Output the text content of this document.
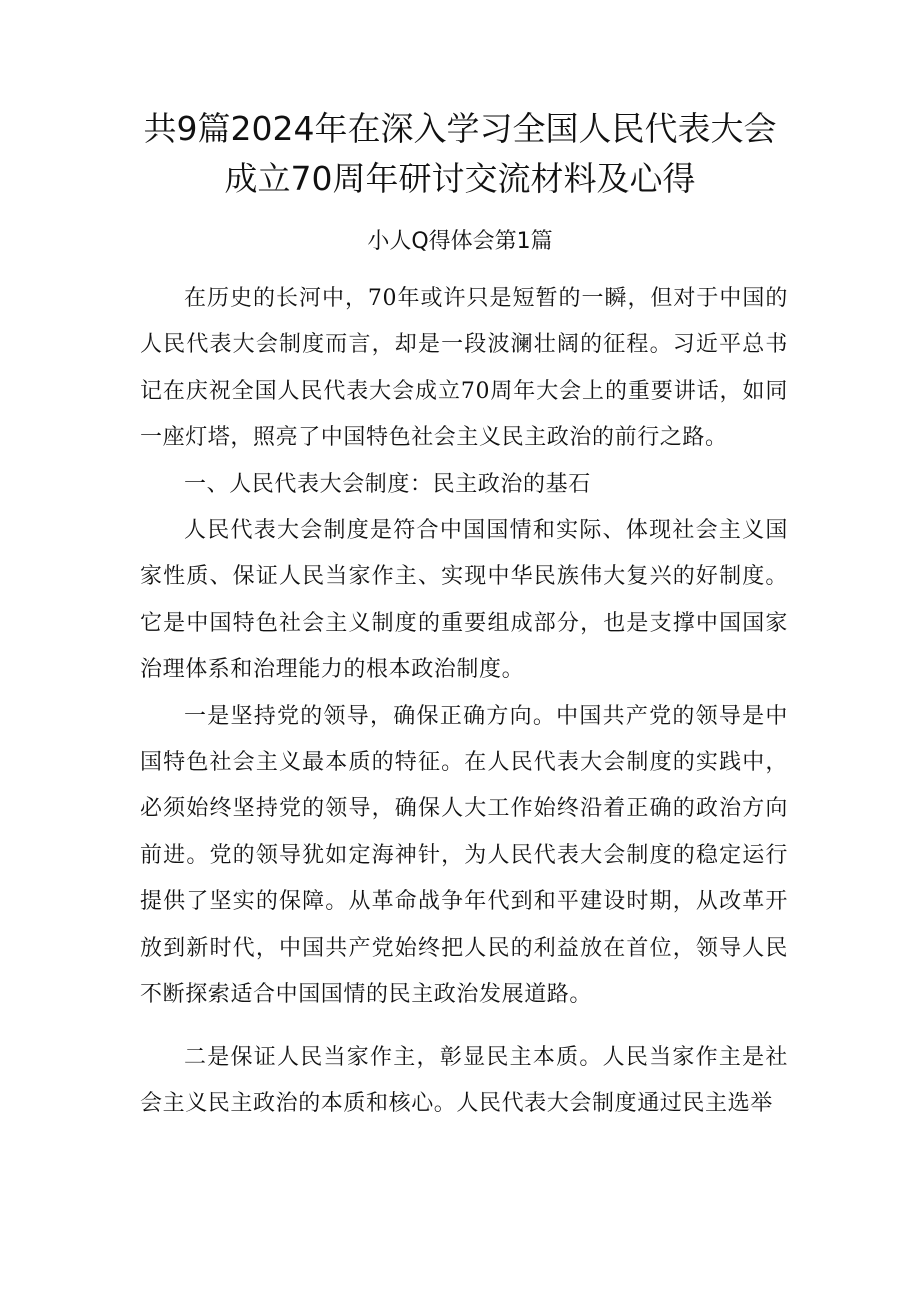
共9篇2024年在深入学习全国人民代表大会成立70周年研讨交流材料及心得
小人Q得体会第1篇

在历史的长河中，70年或许只是短暂的一瞬，但对于中国的人民代表大会制度而言，却是一段波澜壮阔的征程。习近平总书记在庆祝全国人民代表大会成立70周年大会上的重要讲话，如同一座灯塔，照亮了中国特色社会主义民主政治的前行之路。

一、人民代表大会制度：民主政治的基石

人民代表大会制度是符合中国国情和实际、体现社会主义国家性质、保证人民当家作主、实现中华民族伟大复兴的好制度。它是中国特色社会主义制度的重要组成部分，也是支撑中国国家治理体系和治理能力的根本政治制度。

一是坚持党的领导，确保正确方向。中国共产党的领导是中国特色社会主义最本质的特征。在人民代表大会制度的实践中，必须始终坚持党的领导，确保人大工作始终沿着正确的政治方向前进。党的领导犹如定海神针，为人民代表大会制度的稳定运行提供了坚实的保障。从革命战争年代到和平建设时期，从改革开放到新时代，中国共产党始终把人民的利益放在首位，领导人民不断探索适合中国国情的民主政治发展道路。

二是保证人民当家作主，彰显民主本质。人民当家作主是社会主义民主政治的本质和核心。人民代表大会制度通过民主选举
